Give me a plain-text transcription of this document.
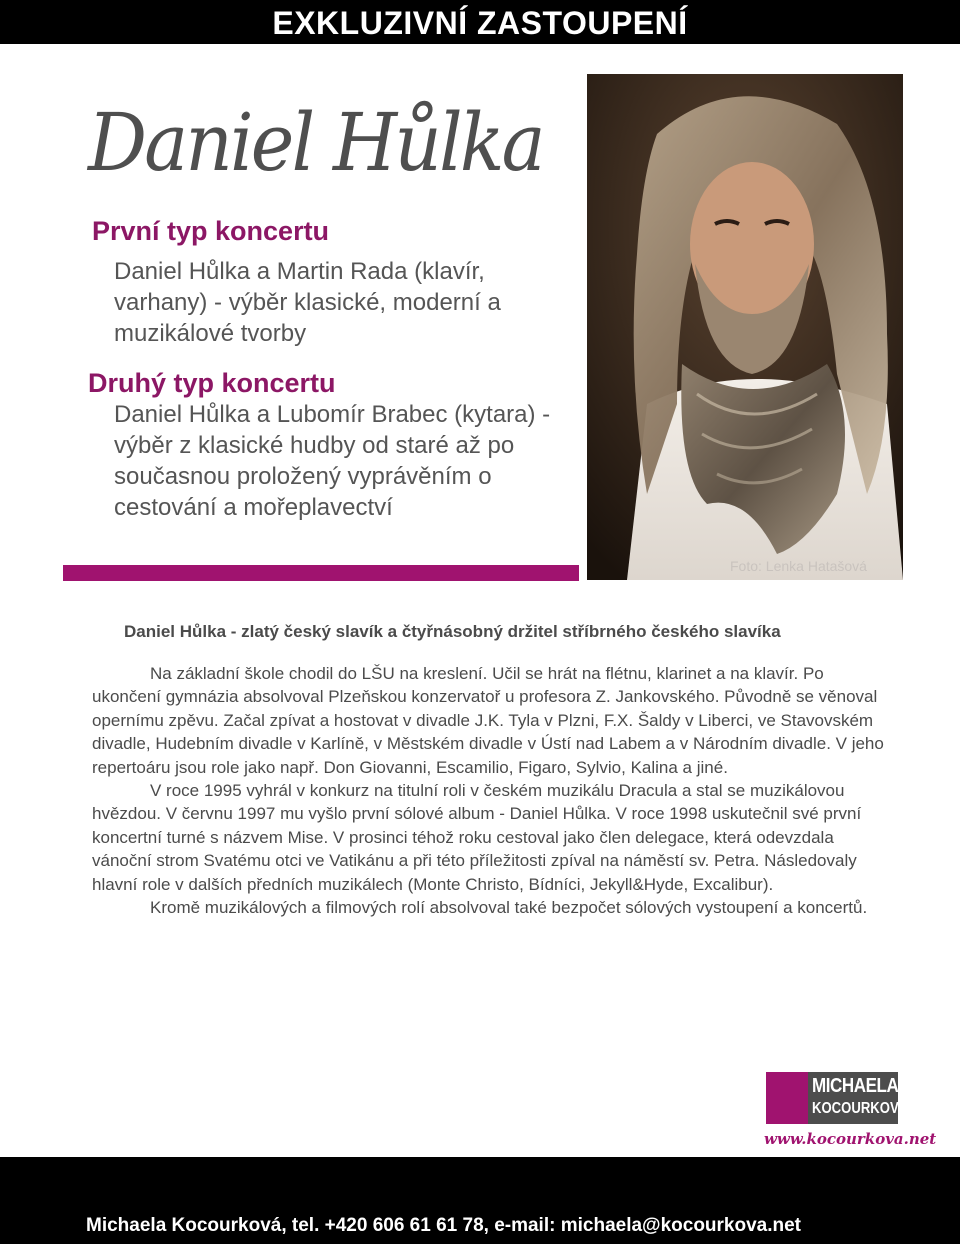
EXKLUZIVNÍ ZASTOUPENÍ
Daniel Hůlka
První typ koncertu
Daniel Hůlka a Martin Rada (klavír, varhany) - výběr klasické, moderní a muzikálové tvorby
Druhý typ koncertu
Daniel Hůlka a Lubomír Brabec (kytara) - výběr z klasické hudby od staré až po současnou proložený vyprávěním o cestování a mořeplavectví
Foto: Lenka Hatašová
Daniel Hůlka - zlatý český slavík a čtyřnásobný držitel stříbrného českého slavíka

Na základní škole chodil do LŠU na kreslení. Učil se hrát na flétnu, klarinet a na klavír. Po ukončení gymnázia absolvoval Plzeňskou konzervatoř u profesora Z. Jankovského. Původně se věnoval opernímu zpěvu. Začal zpívat a hostovat v divadle J.K. Tyla v Plzni, F.X. Šaldy v Liberci, ve Stavovském divadle, Hudebním divadle v Karlíně, v Městském divadle v Ústí nad Labem a v Národním divadle. V jeho repertoáru jsou role jako např. Don Giovanni, Escamilio, Figaro, Sylvio, Kalina a jiné.

V roce 1995 vyhrál v konkurz na titulní roli v českém muzikálu Dracula a stal se muzikálovou hvězdou. V červnu 1997 mu vyšlo první sólové album - Daniel Hůlka. V roce 1998 uskutečnil své první koncertní turné s názvem Mise. V prosinci téhož roku cestoval jako člen delegace, která odevzdala vánoční strom Svatému otci ve Vatikánu a při této příležitosti zpíval na náměstí sv. Petra. Následovaly hlavní role v dalších předních muzikálech (Monte Christo, Bídníci, Jekyll&Hyde, Excalibur).

Kromě muzikálových a filmových rolí absolvoval také bezpočet sólových vystoupení a koncertů.

MICHAELA
KOCOURKOVA
www.kocourkova.net
Michaela Kocourková, tel. +420 606 61 61 78, e-mail: michaela@kocourkova.net
